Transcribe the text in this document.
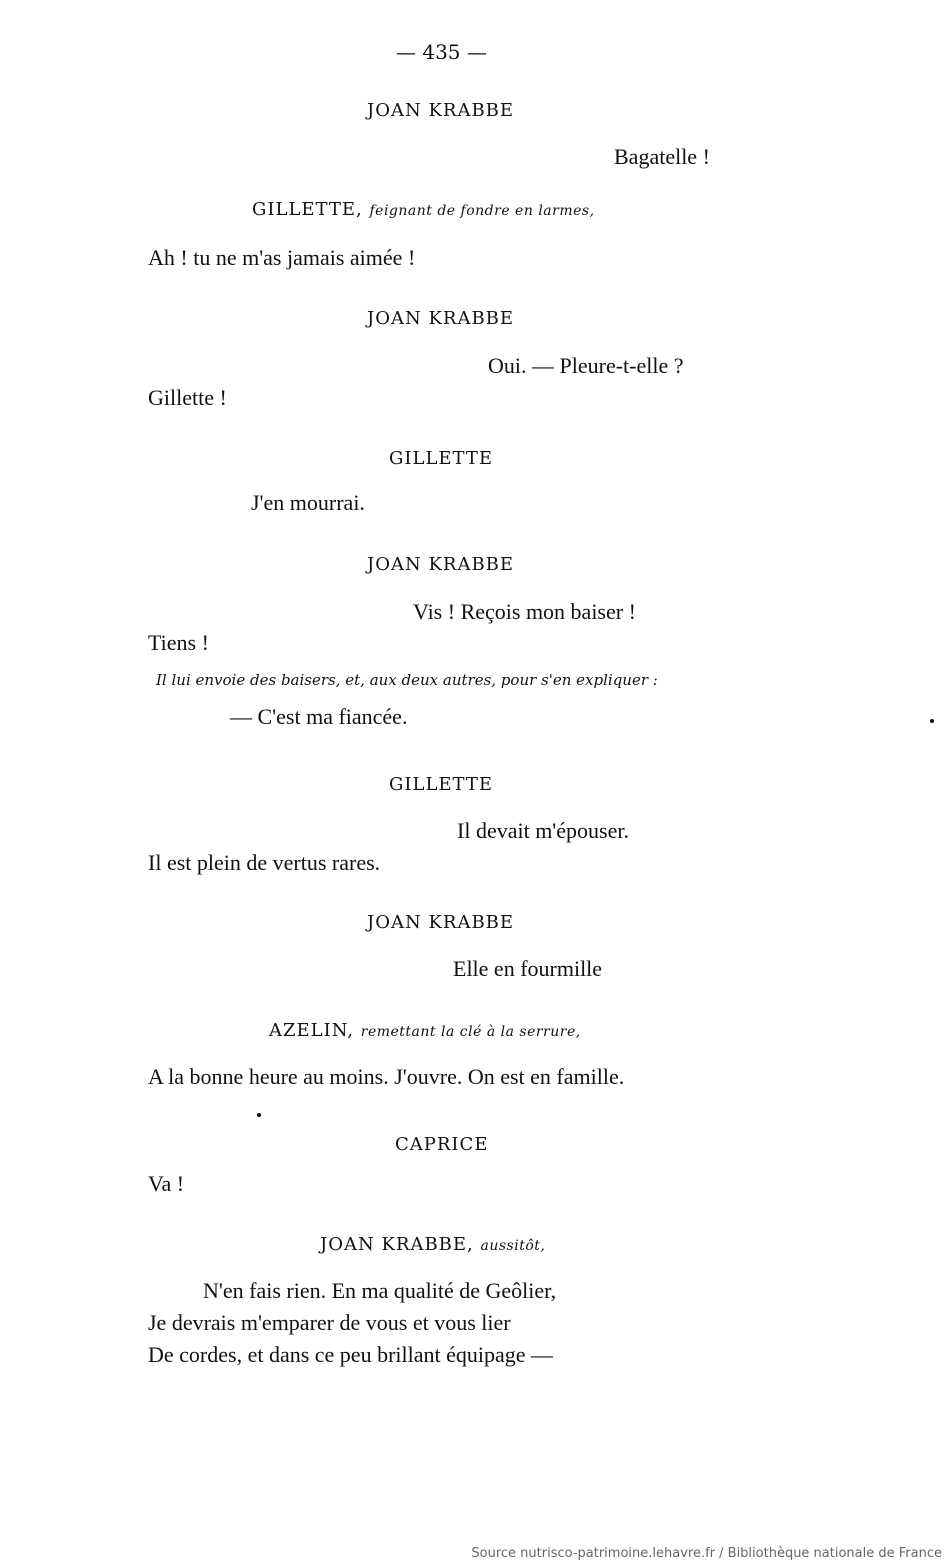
— 435 —
JOAN KRABBE
Bagatelle !
GILLETTE, feignant de fondre en larmes,
Ah ! tu ne m'as jamais aimée !
JOAN KRABBE
Oui. — Pleure-t-elle ?
Gillette !
GILLETTE
J'en mourrai.
JOAN KRABBE
Vis ! Reçois mon baiser !
Tiens !
Il lui envoie des baisers, et, aux deux autres, pour s'en expliquer :
— C'est ma fiancée.
GILLETTE
Il devait m'épouser.
Il est plein de vertus rares.
JOAN KRABBE
Elle en fourmille
AZELIN, remettant la clé à la serrure,
A la bonne heure au moins. J'ouvre. On est en famille.
CAPRICE
Va !
JOAN KRABBE, aussitôt,
N'en fais rien. En ma qualité de Geôlier,
Je devrais m'emparer de vous et vous lier
De cordes, et dans ce peu brillant équipage —
Source nutrisco-patrimoine.lehavre.fr / Bibliothèque nationale de France
